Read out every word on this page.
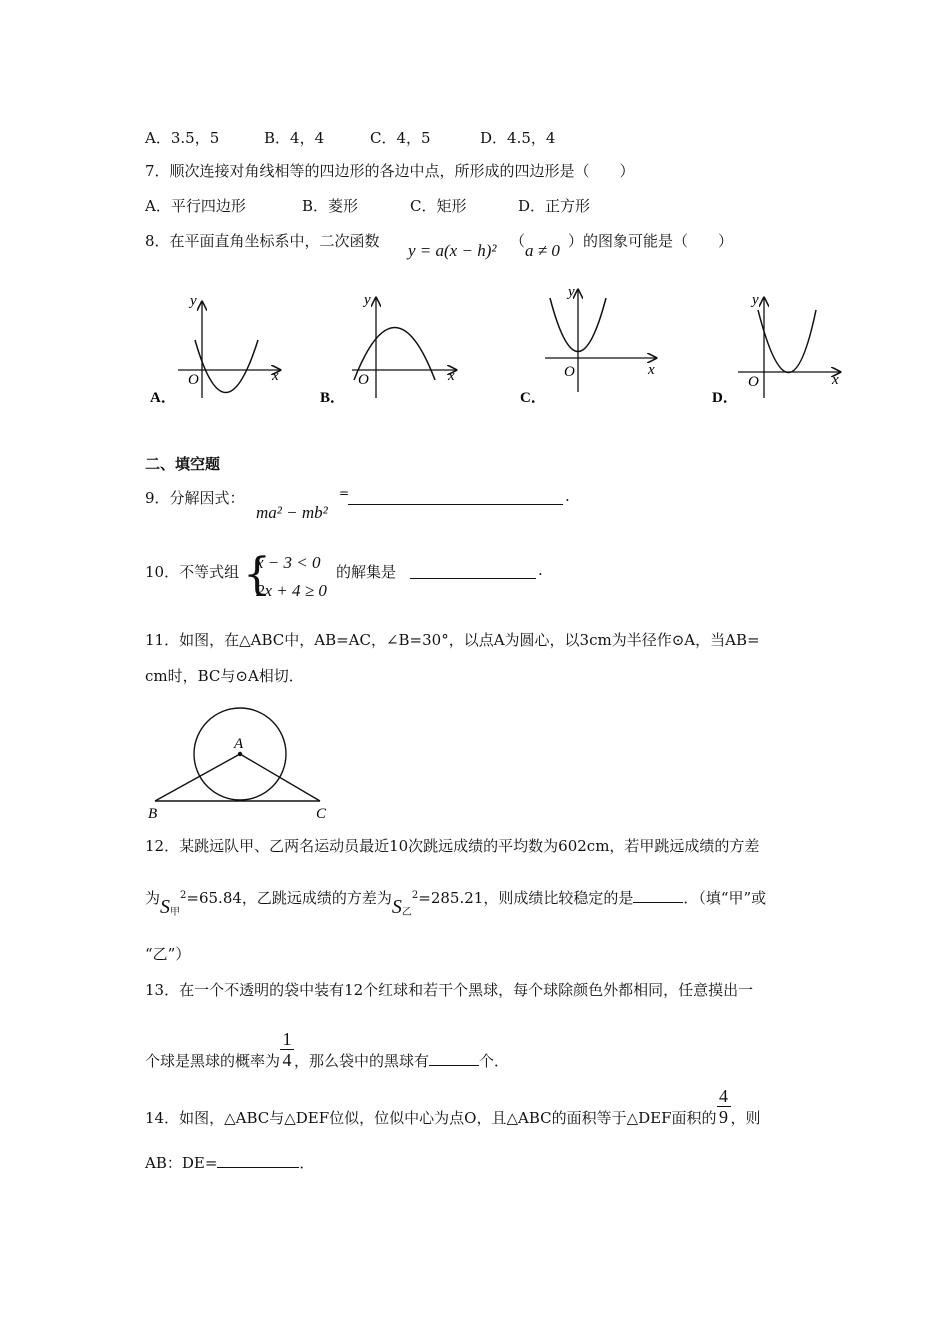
A．3.5，5	B．4，4	C．4，5	D．4.5，4
7．顺次连接对角线相等的四边形的各边中点，所形成的四边形是（　　）
A．平行四边形	B．菱形	C．矩形	D．正方形
8．在平面直角坐标系中，二次函数 y = a(x − h)² （ a ≠ 0 ）的图象可能是（　　）
y
x
O
A．
y
x
O
B．
y
x
O
C．
y
x
O
D．
二、填空题
9．分解因式：
ma² − mb²
=	.
10．不等式组 {
x − 3 < 0
2x + 4 ≥ 0
的解集是	.
11．如图，在△ABC中，AB=AC，∠B=30°，以点A为圆心，以3cm为半径作⊙A，当AB=
cm时，BC与⊙A相切．
A
B	C
12．某跳远队甲、乙两名运动员最近10次跳远成绩的平均数为602cm，若甲跳远成绩的方差
为$S_甲^2=65.84$，乙跳远成绩的方差为$S_乙^2=285.21$，则成绩比较稳定的是	．（填“甲”或
“乙”）
13．在一个不透明的袋中装有12个红球和若干个黑球，每个球除颜色外都相同，任意摸出一
个球是黑球的概率为 $\frac{1}{4}$ ，那么袋中的黑球有	个．
14．如图，△ABC与△DEF位似，位似中心为点O，且△ABC的面积等于△DEF面积的 $\frac{4}{9}$ ，则
AB：DE=	．
